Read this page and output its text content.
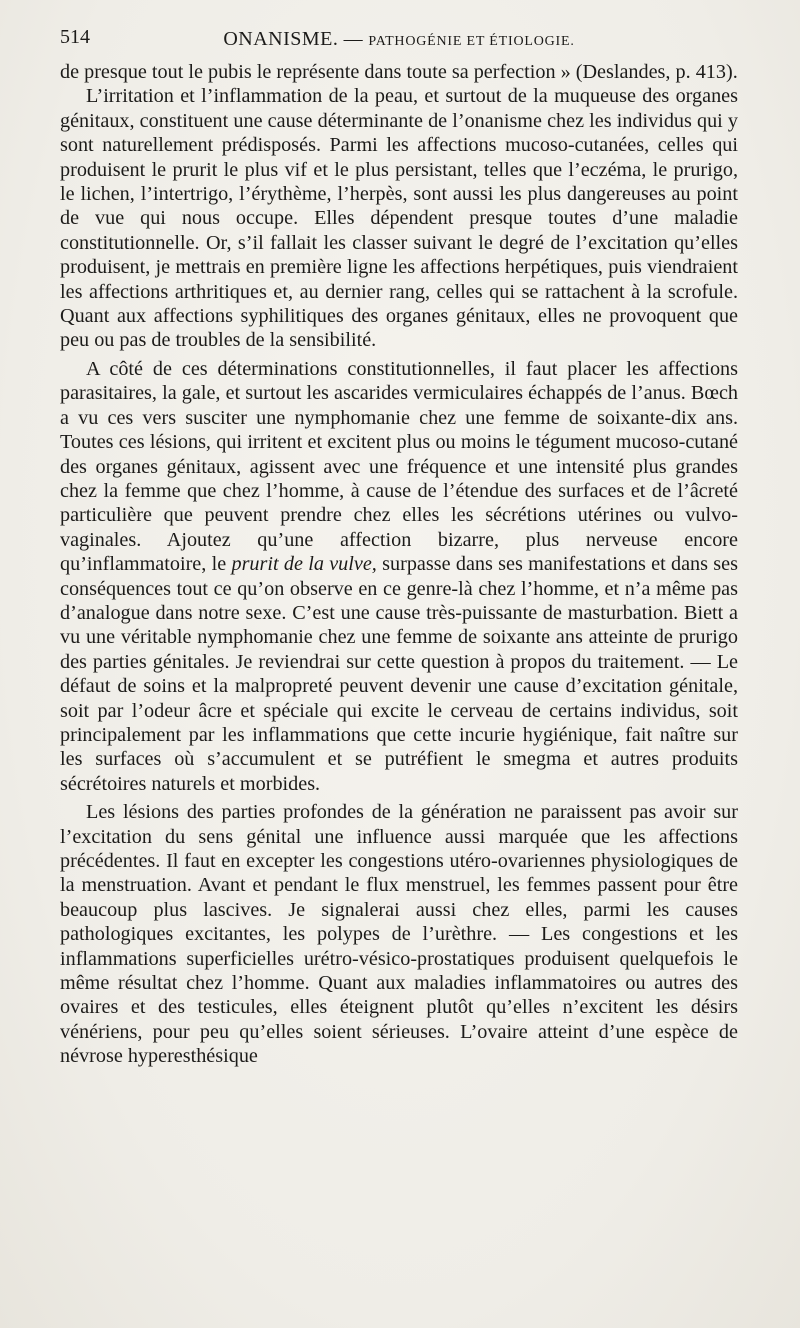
514	ONANISME. — PATHOGÉNIE ET ÉTIOLOGIE.

de presque tout le pubis le représente dans toute sa perfection » (Deslandes, p. 413).

L’irritation et l’inflammation de la peau, et surtout de la muqueuse des organes génitaux, constituent une cause déterminante de l’onanisme chez les individus qui y sont naturellement prédisposés. Parmi les affections mucoso-cutanées, celles qui produisent le prurit le plus vif et le plus persistant, telles que l’eczéma, le prurigo, le lichen, l’intertrigo, l’érythème, l’herpès, sont aussi les plus dangereuses au point de vue qui nous occupe. Elles dépendent presque toutes d’une maladie constitutionnelle. Or, s’il fallait les classer suivant le degré de l’excitation qu’elles produisent, je mettrais en première ligne les affections herpétiques, puis viendraient les affections arthritiques et, au dernier rang, celles qui se rattachent à la scrofule. Quant aux affections syphilitiques des organes génitaux, elles ne provoquent que peu ou pas de troubles de la sensibilité.

A côté de ces déterminations constitutionnelles, il faut placer les affections parasitaires, la gale, et surtout les ascarides vermiculaires échappés de l’anus. Bœch a vu ces vers susciter une nymphomanie chez une femme de soixante-dix ans. Toutes ces lésions, qui irritent et excitent plus ou moins le tégument mucoso-cutané des organes génitaux, agissent avec une fréquence et une intensité plus grandes chez la femme que chez l’homme, à cause de l’étendue des surfaces et de l’âcreté particulière que peuvent prendre chez elles les sécrétions utérines ou vulvo-vaginales. Ajoutez qu’une affection bizarre, plus nerveuse encore qu’inflammatoire, le prurit de la vulve, surpasse dans ses manifestations et dans ses conséquences tout ce qu’on observe en ce genre-là chez l’homme, et n’a même pas d’analogue dans notre sexe. C’est une cause très-puissante de masturbation. Biett a vu une véritable nymphomanie chez une femme de soixante ans atteinte de prurigo des parties génitales. Je reviendrai sur cette question à propos du traitement. — Le défaut de soins et la malpropreté peuvent devenir une cause d’excitation génitale, soit par l’odeur âcre et spéciale qui excite le cerveau de certains individus, soit principalement par les inflammations que cette incurie hygiénique, fait naître sur les surfaces où s’accumulent et se putréfient le smegma et autres produits sécrétoires naturels et morbides.

Les lésions des parties profondes de la génération ne paraissent pas avoir sur l’excitation du sens génital une influence aussi marquée que les affections précédentes. Il faut en excepter les congestions utéro-ovariennes physiologiques de la menstruation. Avant et pendant le flux menstruel, les femmes passent pour être beaucoup plus lascives. Je signalerai aussi chez elles, parmi les causes pathologiques excitantes, les polypes de l’urèthre. — Les congestions et les inflammations superficielles urétro-vésico-prostatiques produisent quelquefois le même résultat chez l’homme. Quant aux maladies inflammatoires ou autres des ovaires et des testicules, elles éteignent plutôt qu’elles n’excitent les désirs vénériens, pour peu qu’elles soient sérieuses. L’ovaire atteint d’une espèce de névrose hyperesthésique
